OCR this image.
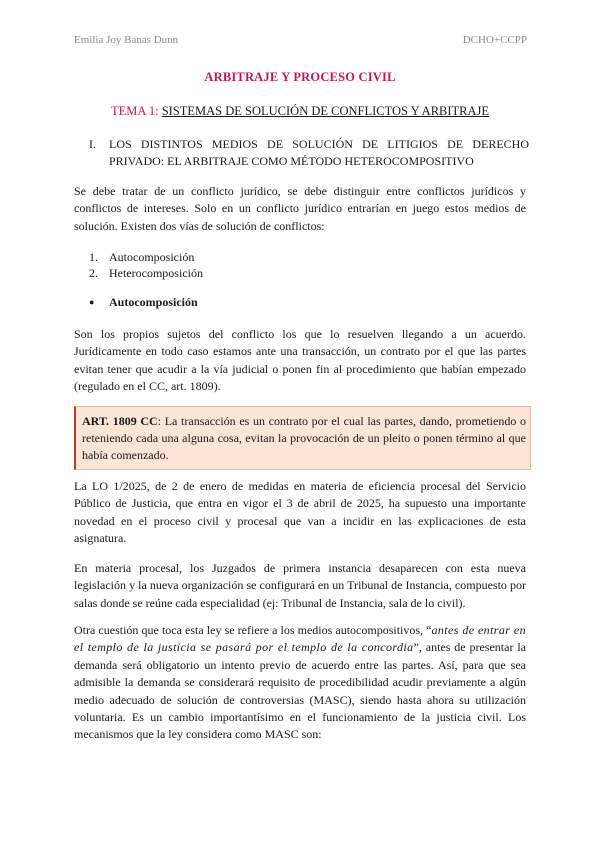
Emilia Joy Banas Dunn	DCHO+CCPP
ARBITRAJE Y PROCESO CIVIL
TEMA 1: SISTEMAS DE SOLUCIÓN DE CONFLICTOS Y ARBITRAJE
I. LOS DISTINTOS MEDIOS DE SOLUCIÓN DE LITIGIOS DE DERECHO PRIVADO: EL ARBITRAJE COMO MÉTODO HETEROCOMPOSITIVO
Se debe tratar de un conflicto jurídico, se debe distinguir entre conflictos jurídicos y conflictos de intereses. Solo en un conflicto jurídico entrarían en juego estos medios de solución. Existen dos vías de solución de conflictos:
1. Autocomposición
2. Heterocomposición
● Autocomposición
Son los propios sujetos del conflicto los que lo resuelven llegando a un acuerdo. Jurídicamente en todo caso estamos ante una transacción, un contrato por el que las partes evitan tener que acudir a la vía judicial o ponen fin al procedimiento que habían empezado (regulado en el CC, art. 1809).
ART. 1809 CC: La transacción es un contrato por el cual las partes, dando, prometiendo o reteniendo cada una alguna cosa, evitan la provocación de un pleito o ponen término al que había comenzado.
La LO 1/2025, de 2 de enero de medidas en materia de eficiencia procesal del Servicio Público de Justicia, que entra en vigor el 3 de abril de 2025, ha supuesto una importante novedad en el proceso civil y procesal que van a incidir en las explicaciones de esta asignatura.
En materia procesal, los Juzgados de primera instancia desaparecen con esta nueva legislación y la nueva organización se configurará en un Tribunal de Instancia, compuesto por salas donde se reúne cada especialidad (ej: Tribunal de Instancia, sala de lo civil).
Otra cuestión que toca esta ley se refiere a los medios autocompositivos, “antes de entrar en el templo de la justicia se pasará por el templo de la concordia”, antes de presentar la demanda será obligatorio un intento previo de acuerdo entre las partes. Así, para que sea admisible la demanda se considerará requisito de procedibilidad acudir previamente a algún medio adecuado de solución de controversias (MASC), siendo hasta ahora su utilización voluntaria. Es un cambio importantísimo en el funcionamiento de la justicia civil. Los mecanismos que la ley considera como MASC son:
